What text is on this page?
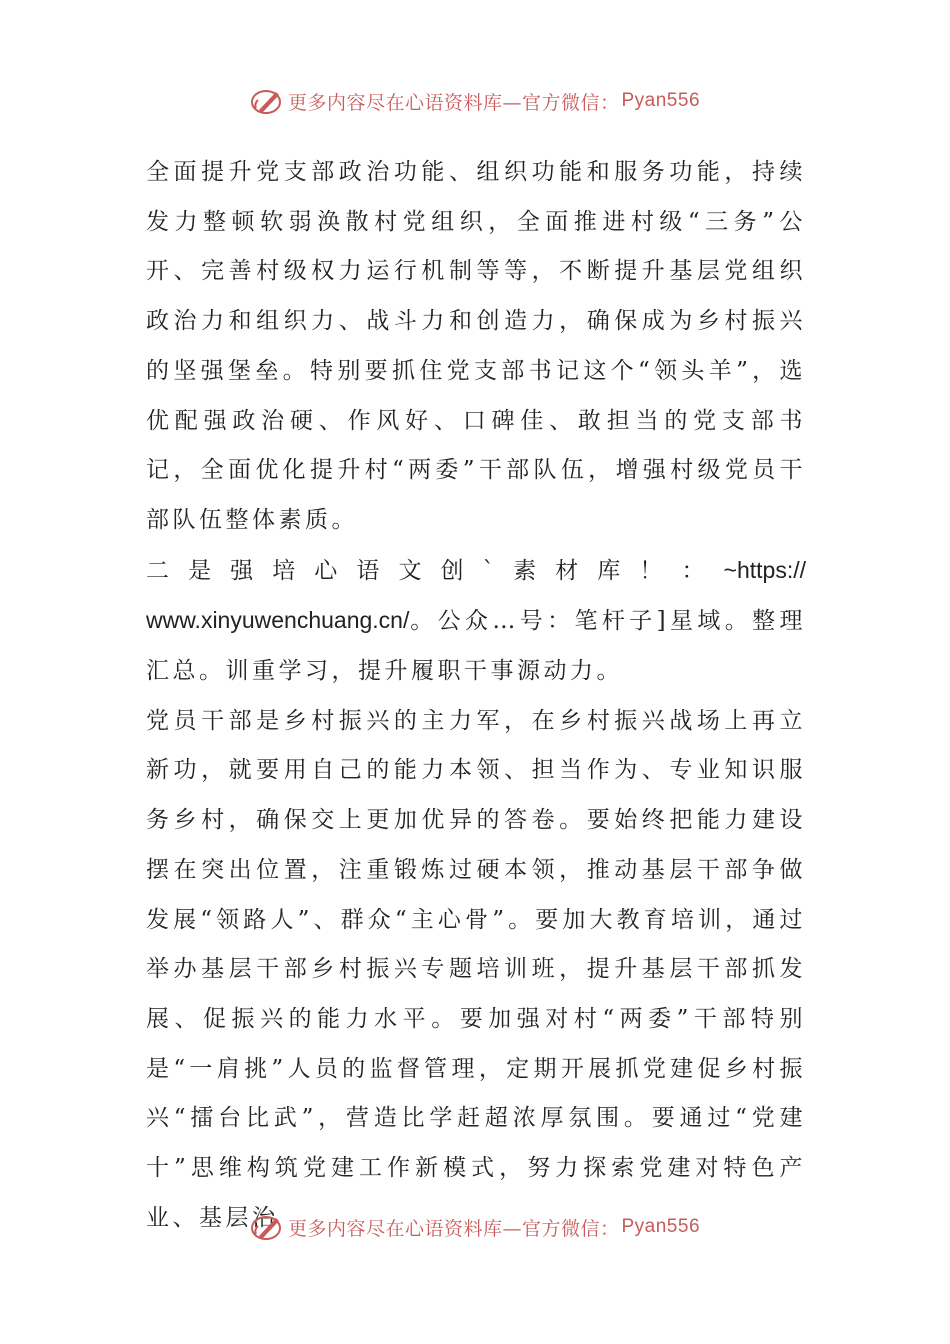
更多内容尽在心语资料库—官方微信： Pyan556

全面提升党支部政治功能、组织功能和服务功能，持续发力整顿软弱涣散村党组织，全面推进村级“三务”公开、完善村级权力运行机制等等，不断提升基层党组织政治力和组织力、战斗力和创造力，确保成为乡村振兴的坚强堡垒。特别要抓住党支部书记这个“领头羊”，选优配强政治硬、作风好、口碑佳、敢担当的党支部书记，全面优化提升村“两委”干部队伍，增强村级党员干部队伍整体素质。

二是强培心语文创`素材库！：~https://

www.xinyuwenchuang.cn/。公众…号：笔杆子]星域。整理汇总。训重学习，提升履职干事源动力。

党员干部是乡村振兴的主力军，在乡村振兴战场上再立新功，就要用自己的能力本领、担当作为、专业知识服务乡村，确保交上更加优异的答卷。要始终把能力建设摆在突出位置，注重锻炼过硬本领，推动基层干部争做发展“领路人”、群众“主心骨”。要加大教育培训，通过举办基层干部乡村振兴专题培训班，提升基层干部抓发展、促振兴的能力水平。要加强对村“两委”干部特别是“一肩挑”人员的监督管理，定期开展抓党建促乡村振兴“擂台比武”，营造比学赶超浓厚氛围。要通过“党建十”思维构筑党建工作新模式，努力探索党建对特色产业、基层治 更多内容尽在心语资料库—官方微信： Pyan556
